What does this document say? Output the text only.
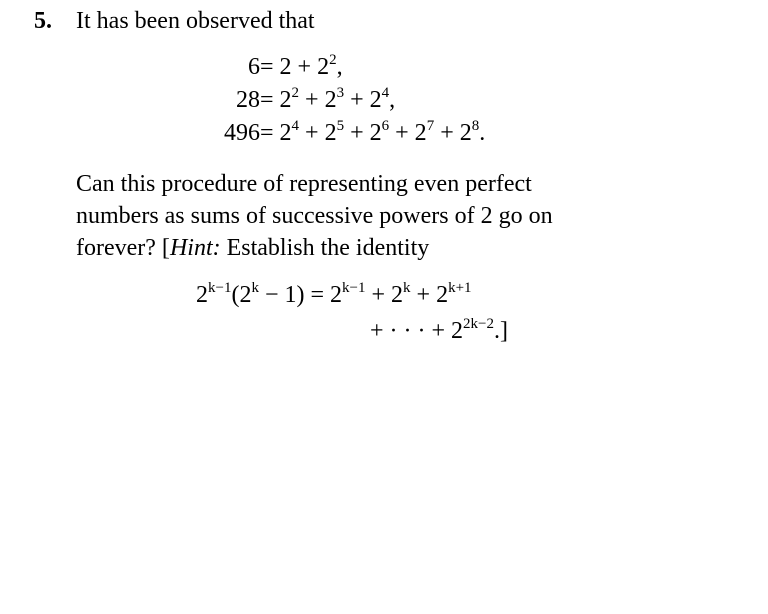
5. It has been observed that
$6 = 2 + 2^2$,
$28 = 2^2 + 2^3 + 2^4$,
$496 = 2^4 + 2^5 + 2^6 + 2^7 + 2^8$.
Can this procedure of representing even perfect
numbers as sums of successive powers of 2 go on
forever? [Hint: Establish the identity
$2^{k-1}(2^k - 1) = 2^{k-1} + 2^k + 2^{k+1}$
+ · · · + $2^{2k-2}$.]
